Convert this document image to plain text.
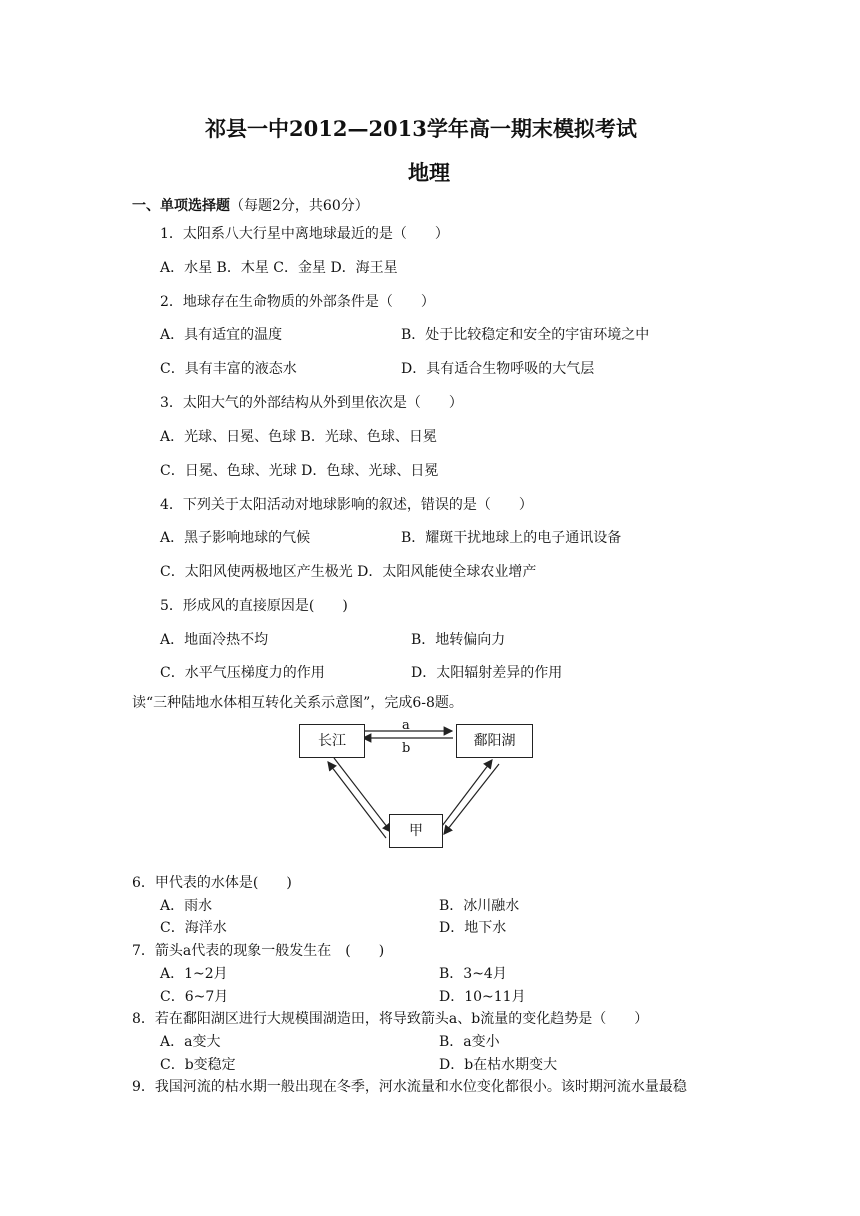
祁县一中2012—2013学年高一期末模拟考试
地理
一、单项选择题（每题2分，共60分）
1．太阳系八大行星中离地球最近的是（　　）
A．水星 B．木星 C．金星 D．海王星
2．地球存在生命物质的外部条件是（　　）
A．具有适宜的温度	B．处于比较稳定和安全的宇宙环境之中
C．具有丰富的液态水	D．具有适合生物呼吸的大气层
3．太阳大气的外部结构从外到里依次是（　　）
A．光球、日冕、色球 B．光球、色球、日冕
C．日冕、色球、光球 D．色球、光球、日冕
4．下列关于太阳活动对地球影响的叙述，错误的是（　　）
A．黑子影响地球的气候	B．耀斑干扰地球上的电子通讯设备
C．太阳风使两极地区产生极光 D．太阳风能使全球农业增产
5．形成风的直接原因是(　　)
A．地面冷热不均	B．地转偏向力
C．水平气压梯度力的作用	D．太阳辐射差异的作用
读“三种陆地水体相互转化关系示意图”，完成6-8题。
长江	鄱阳湖
甲
a
b
6．甲代表的水体是(　　)
A．雨水	B．冰川融水
C．海洋水	D．地下水
7．箭头a代表的现象一般发生在　(　　)
A．1~2月	B．3~4月
C．6~7月	D．10~11月
8．若在鄱阳湖区进行大规模围湖造田，将导致箭头a、b流量的变化趋势是（　　）
A．a变大	B．a变小
C．b变稳定	D．b在枯水期变大
9．我国河流的枯水期一般出现在冬季，河水流量和水位变化都很小。该时期河流水量最稳
